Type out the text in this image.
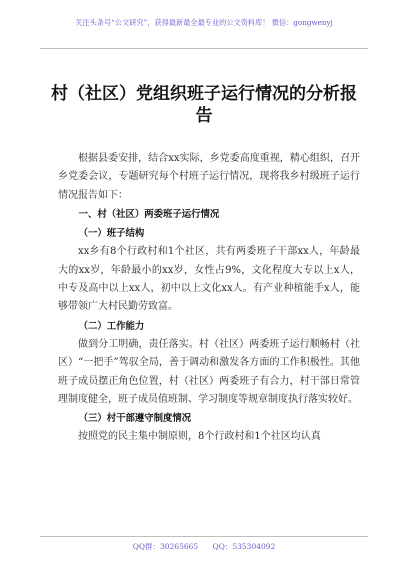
关注头条号“公文研究”，获得最新最全最专业的公文资料库！ 微信：gongwenyj
村（社区）党组织班子运行情况的分析报告

根据县委安排，结合xx实际，乡党委高度重视，精心组织，召开乡党委会议，专题研究每个村班子运行情况，现将我乡村级班子运行情况报告如下：

一、村（社区）两委班子运行情况
（一）班子结构

xx乡有8个行政村和1个社区，共有两委班子干部xx人，年龄最大的xx岁，年龄最小的xx岁，女性占9%，文化程度大专以上x人，中专及高中以上xx人，初中以上文化xx人。有产业种植能手x人，能够带领广大村民勤劳致富。

（二）工作能力

做到分工明确，责任落实。村（社区）两委班子运行顺畅村（社区）“一把手”驾驭全局，善于调动和激发各方面的工作积极性。其他班子成员摆正角色位置，村（社区）两委班子有合力，村干部日常管理制度健全，班子成员值班制、学习制度等规章制度执行落实较好。

（三）村干部遵守制度情况

按照党的民主集中制原则，8个行政村和1个社区均认真

QQ群：30265665 QQ：535304092
